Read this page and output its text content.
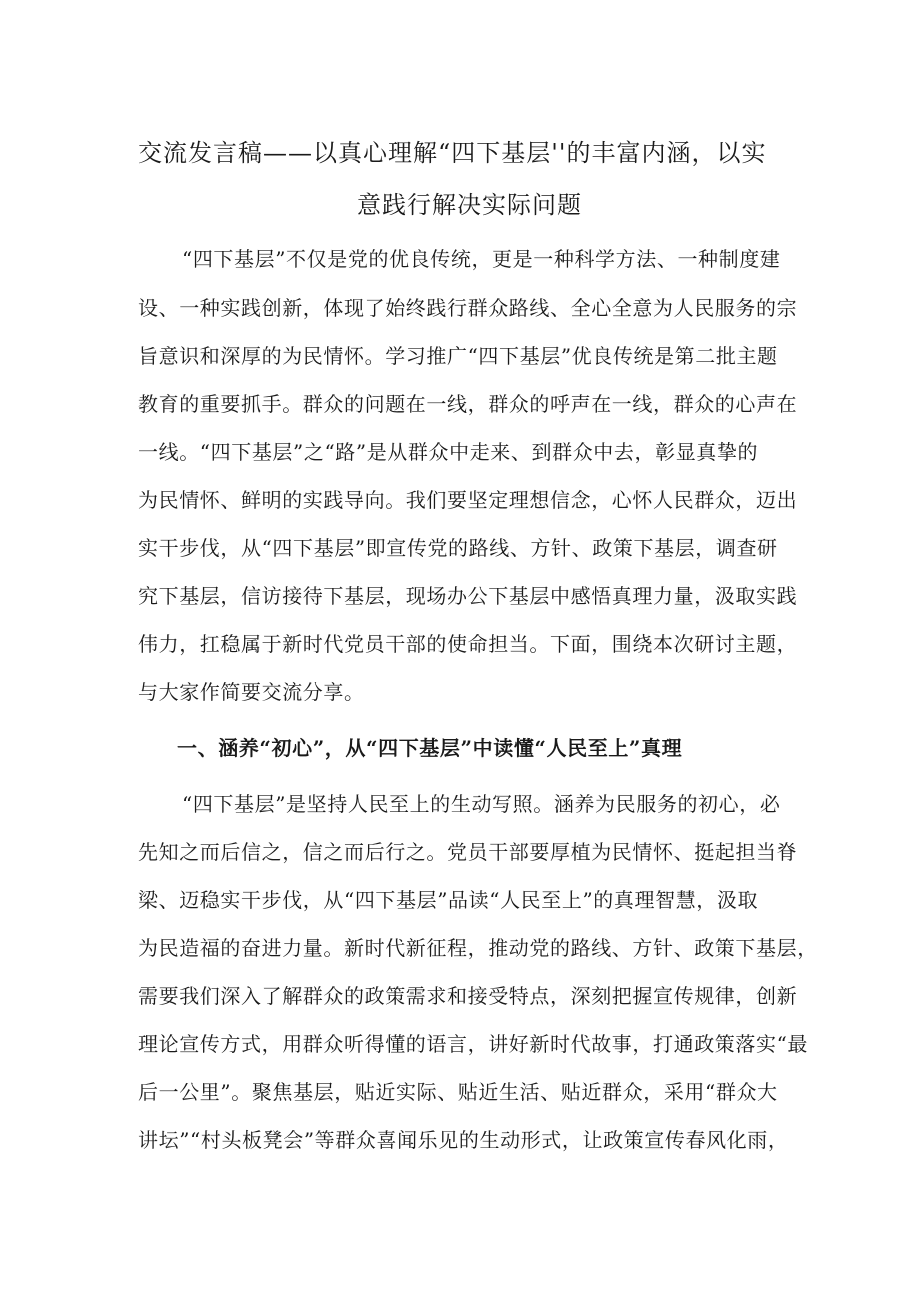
交流发言稿——以真心理解“四下基层''的丰富内涵，以实
意践行解决实际问题
“四下基层”不仅是党的优良传统，更是一种科学方法、一种制度建
设、一种实践创新，体现了始终践行群众路线、全心全意为人民服务的宗
旨意识和深厚的为民情怀。学习推广“四下基层”优良传统是第二批主题
教育的重要抓手。群众的问题在一线，群众的呼声在一线，群众的心声在
一线。“四下基层”之“路”是从群众中走来、到群众中去，彰显真挚的
为民情怀、鲜明的实践导向。我们要坚定理想信念，心怀人民群众，迈出
实干步伐，从“四下基层”即宣传党的路线、方针、政策下基层，调查研
究下基层，信访接待下基层，现场办公下基层中感悟真理力量，汲取实践
伟力，扛稳属于新时代党员干部的使命担当。下面，围绕本次研讨主题，
与大家作简要交流分享。
一、涵养“初心”，从“四下基层”中读懂“人民至上”真理
“四下基层”是坚持人民至上的生动写照。涵养为民服务的初心，必
先知之而后信之，信之而后行之。党员干部要厚植为民情怀、挺起担当脊
梁、迈稳实干步伐，从“四下基层”品读“人民至上”的真理智慧，汲取
为民造福的奋进力量。新时代新征程，推动党的路线、方针、政策下基层，
需要我们深入了解群众的政策需求和接受特点，深刻把握宣传规律，创新
理论宣传方式，用群众听得懂的语言，讲好新时代故事，打通政策落实“最
后一公里”。聚焦基层，贴近实际、贴近生活、贴近群众，采用“群众大
讲坛”“村头板凳会”等群众喜闻乐见的生动形式，让政策宣传春风化雨，
